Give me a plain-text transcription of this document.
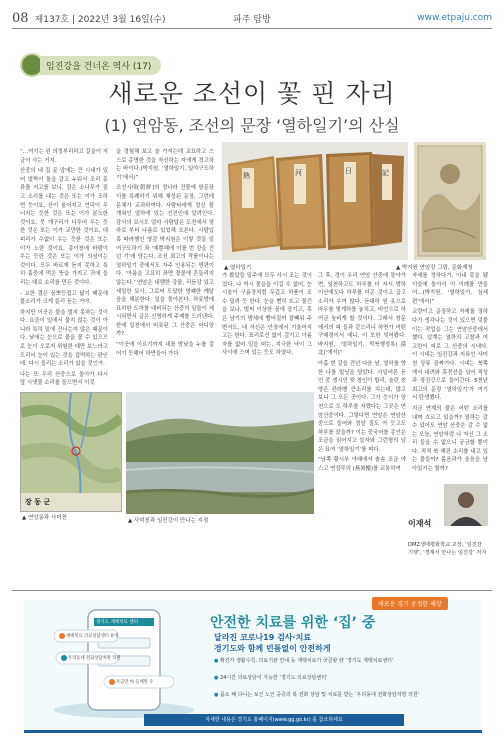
08 제137호 | 2022년 3월 16일(수)	파주 탐방	www.etpaju.com
임진강을 건너온 역사 (17)
새로운 조선이 꽃 핀 자리
(1) 연암동, 조선의 문장 ‘열하일기’의 산실

“…여기는 왼 의정부리하고 길을이 지금이 사는 거지.

산중의 내 집 문 앞에는 큰 시내가 있어 멀찍이 돌을 감고 누워서 조리 흥류를 지고를 보니, 검은 소나무가 짙고 소리를 내는 것은 또는 이가 조하면 듯이요, 산이 울어지고 언덕이 무너지는 듯한 것은 또는 이가 분노한 것이요, 뭇 개구리가 다투어 우는 듯한 것은 또는 이가 교만한 것이요, 대피리가 수없이 우는 듯한 것은 또는 이가 노한 것이요, 종이창에 바람이 우는 듯한 것은 또는 이가 의심이는 것이다. 모두 바르게 듣지 못하고 특히 흉중에 먹은 뜻을 가지고 귀에 들리는 대로 소리를 만든 것이다.

- 요한 결은 꿈뽀등겹고 닮기 때문에 물소리가 크게 들리 듣는 거야.

하지만 이곳은 물을 멀지 못하는 것이다. 요즘이 일에서 물지 않는 것이 아니라 특히 밑에 건너는지 않은 때문이다. 낮에는 눈으로 물을 볼 수 있으므로 눈이 오로지 위험한 데만 보느라고 도리어 눈이 있는 것을 겁먹하는 판인데, 다시 들리는 소리가 있을 것인가.

나는 또 우리 산중으로 돌아가 다시 앞 시냇물 소리를 들으면서 이것

을 경험해 보고 슬 가지는데 교묘하고 스스로 총명한 것을 자신하는 자에게 경고하는 바이다.(박지원, ‘열하일기, 일야구도하기’에서)”

조선시대(朝鮮)의 정나라 건물에 항문장이를 특례하기 위해 체성된 문장, 그런데 문체가 교과하여다. 사람타에게 정신 될 개혀인 열하에 있는 선진인에 알려인다. 감사의 묘시도 얼마 사람답은 도전에서 열하로 부터 나름로 있었해 오른다. 사람입혹 따라행인 영감 박지원은 이렇 것들 일 여구도하기 좌 ‘예뿐해에 이를 번 강을 건넌 기’에 담는다. 조선 최고의 작품이나는 열하일기 중에서도 자주 인용되는 명편이다. ‘아름을 고요히 좌면 결물에 흔들리지 않는다.’ 연암은 내램한 강물, 리듬감 있고 세밀한 묘사, 그로써 도달한 명쾌한 깨달음을 해분한다. 일을 돌아본다. 하룻밤에 묘하한 도하를 대비되는 산중의 일들이 세시되면서 글은 신명하게 주제를 드러낸다. 한에 일천에서 비롯된 그 산중은 어디일까?

“이곳에 이르기까지 내를 밤낮을 누를 걸어기 듯해어 하면들어 가다

熱	河	日	記
▲ 열하일기	▲ 박지원 연암장 그림, 문화재청

가 봤알들 밀주에 모두 사시 조는 것이었다. 나 역시 물을을 이길 수 없어, 눈시울이 구름장처럼 무겁고 하품이 조수 밀려 듯 한다. 눈을 뻔히 뜨고 물건을 보나, 벌써 이상한 꿈에 잠기고, 혹은 남기의 밤세에 빨어질까 잘빼워 주변서도, 내 자신은 안장에서 기울어지고는 한다. 표리로신 없이 걸기고 아름자를 없어 일을 떠는, 지극한 낙이 그 사이에 스며 있는 듯도 하였다.

그 후, 경이 우리 연암 산중에 돌아가면, 일천하고도 하루를 더 자서 밤하이산에도다 하루를 더곤 것이고 곱고 소리가 우여 많다. 듣대하 원 옷으로 마우를 멎게하를 놓치고, 비언으로 하여금 높비게 할 것이다. 그래서 창문에서의 피 들과 같으리니 하면가 어떤 구매경이서 예니, 이 또한 잊어봤다. 바지원, ‘열하일기, 막북행정록(漠北)’에서)”

아홉 번 갈을 건넌 다음 날, 열하를 향한 나를 빌닝을 담았다. 사일어른 듣인 중 생시인 뒷 창인이 합리, 올린 천양은 칸라벤 큰소리를 치는데, 많고 보니 그 모든 곳이다. 그가 등이가 일천으로 도 하루를 자랬다는 그곳은 연암산중이다. 그렇다면 연암은 연암산중으로 들어와 정말 질도 아 듯고도 하루를 잤을까? 이는 중국어를 종인은 조금을 읽어지고 들자와 그런형의 넘은 묘여 ‘열하일기’를 펴다.

“남쪽 황시부 아래에서 솔솜 조금 야스고 연잠루의 (燕暑樓)를 교봉하여

자세를 정하다가, 이내 못을 됐이슬에 돌아서 이 이례를 만들어…(박지원, ‘열하일기, 심세편’에서)”

교량이고 글징하고 자세를 정하다가 생각나는 것이 있으면 덧붙이는 작업을 그는 연암산중에서 했다. 압계는 열하의 고찰과 여고란이 피로 그 산중의 시내다. 이 시내는 임진강과 지류인 사미천 상류 골짜기다. 시내는 북쪽에서 내려와 휴전선을 넘어 적성과 장진강으로 들어간다. 5천년 최고의 문장 ‘열하일기’가 여기서 탄생했다.

지금 연계의 물은 어떤 소리를 내며 흐르고 있을까? 열하는 갈 수 있어도 연암 산중은 갈 수 없는 오늘, 연암처럼 나 자신 그 소리 들을 수 없으니 궁금할 뿐이다. 적적 북 해진 소리를 내고 있는 물들까? 몸음과가 울음을 남아있기는 할까?

장 동 군
▲ 연암동과 사미천	▲ 사미천과 임진강이 만나는 지점	이재석
DMZ생태평화학교 교장, ‘임진강 기행’, ‘경계서 만나는 임진강’ 저자
경기도 재택치료 센터
재택치료 의료상담센터 운영
우리동네 전화상담처방 의원
조금만 아 들께면 우
안전한 치료를 위한 ‘집’ 중
달라진 코로나19 검사·치료
경기도와 함께 빈틈없이 안전하게
● 확진자 생활수칙, 의료기관 안내 등 재택치료기 궁금할 땐 ‘경기도 재택치료센터’
● 24시간 의료상담이 가능한 ‘경기도 의료상담센터’
● 몸소 해 다니는 보건 노인 중증의 복 전화 상담 및 치료를 받는 ‘우리동네 전화상담처방 의원’
자세한 내용은 경기도 홈페이지(www.gg.go.kr) 를 참조하세요
새로운 경기 공정한 세상
